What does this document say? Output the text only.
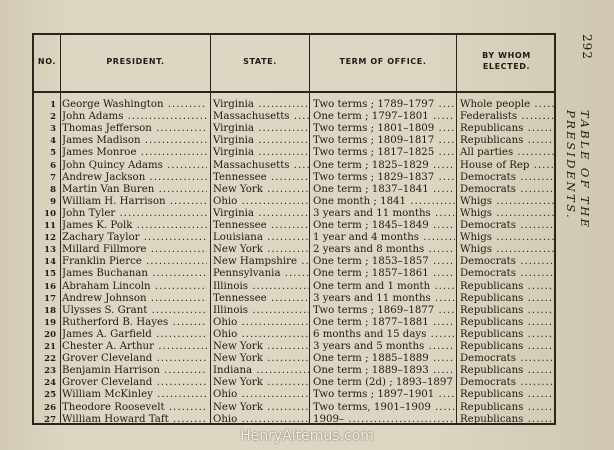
NO.	PRESIDENT.	STATE.	TERM OF OFFICE.
BY WHOM
ELECTED.
1 George Washington .....	Virginia .....	Two terms ; 1789–1797 .....	Whole people .....
2 John Adams .....	Massachusetts .....	One term ; 1797–1801 .....	Federalists .....
3 Thomas Jefferson .....	Virginia .....	Two terms ; 1801–1809 .....	Republicans .....
4 James Madison .....	Virginia .....	Two terms ; 1809–1817 .....	Republicans .....
5 James Monroe .....	Virginia .....	Two terms ; 1817–1825 .....	All parties .....
6 John Quincy Adams .....	Massachusetts .....	One term ; 1825–1829 .....	House of Rep .....
7 Andrew Jackson .....	Tennessee .....	Two terms ; 1829–1837 .....	Democrats .....
8 Martin Van Buren .....	New York .....	One term ; 1837–1841 .....	Democrats .....
9 William H. Harrison .....	Ohio .....	One month ; 1841 .....	Whigs .....
10 John Tyler .....	Virginia .....	3 years and 11 months .....	Whigs .....
11 James K. Polk .....	Tennessee .....	One term ; 1845–1849 .....	Democrats .....
12 Zachary Taylor .....	Louisiana .....	1 year and 4 months .....	Whigs .....
13 Millard Fillmore .....	New York .....	2 years and 8 months .....	Whigs .....
14 Franklin Pierce .....	New Hampshire .....	One term ; 1853–1857 .....	Democrats .....
15 James Buchanan .....	Pennsylvania .....	One term ; 1857–1861 .....	Democrats .....
16 Abraham Lincoln .....	Illinois .....	One term and 1 month .....	Republicans .....
17 Andrew Johnson .....	Tennessee .....	3 years and 11 months .....	Republicans .....
18 Ulysses S. Grant .....	Illinois .....	Two terms ; 1869–1877 .....	Republicans .....
19 Rutherford B. Hayes .....	Ohio .....	One term ; 1877–1881 .....	Republicans .....
20 James A. Garfield .....	Ohio .....	6 months and 15 days .....	Republicans .....
21 Chester A. Arthur .....	New York .....	3 years and 5 months .....	Republicans .....
22 Grover Cleveland .....	New York .....	One term ; 1885–1889 .....	Democrats .....
23 Benjamin Harrison .....	Indiana .....	One term ; 1889–1893 .....	Republicans .....
24 Grover Cleveland .....	New York .....	One term (2d) ; 1893–1897 ..... Democrats .....
25 William McKinley .....	Ohio .....	Two terms ; 1897–1901 .....	Republicans .....
26 Theodore Roosevelt .....	New York .....	Two terms, 1901–1909 .....	Republicans .....
27 William Howard Taft .....	Ohio .....	1909– .....	Republicans .....
292
TABLE OF THE PRESIDENTS.
HenryAltemus.com
